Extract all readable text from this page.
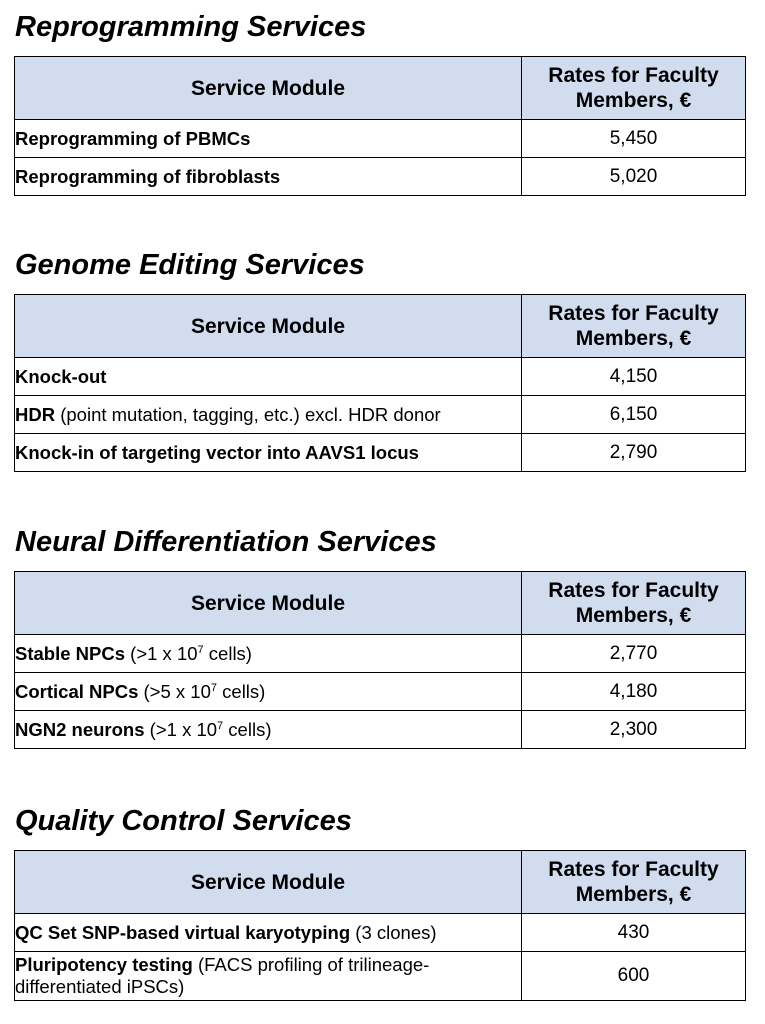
Reprogramming Services
Service Module	Rates for Faculty
Members, €
Reprogramming of PBMCs	5,450
Reprogramming of fibroblasts	5,020
Genome Editing Services
Service Module	Rates for Faculty
Members, €
Knock-out	4,150
HDR (point mutation, tagging, etc.) excl. HDR donor	6,150
Knock-in of targeting vector into AAVS1 locus	2,790
Neural Differentiation Services
Service Module	Rates for Faculty
Members, €
Stable NPCs (>1 x $10^7$ cells)	2,770
Cortical NPCs (>5 x $10^7$ cells)	4,180
NGN2 neurons (>1 x $10^7$ cells)	2,300
Quality Control Services
Service Module	Rates for Faculty
Members, €
QC Set SNP-based virtual karyotyping (3 clones)	430
Pluripotency testing (FACS profiling of trilineage-differentiated iPSCs)	600
